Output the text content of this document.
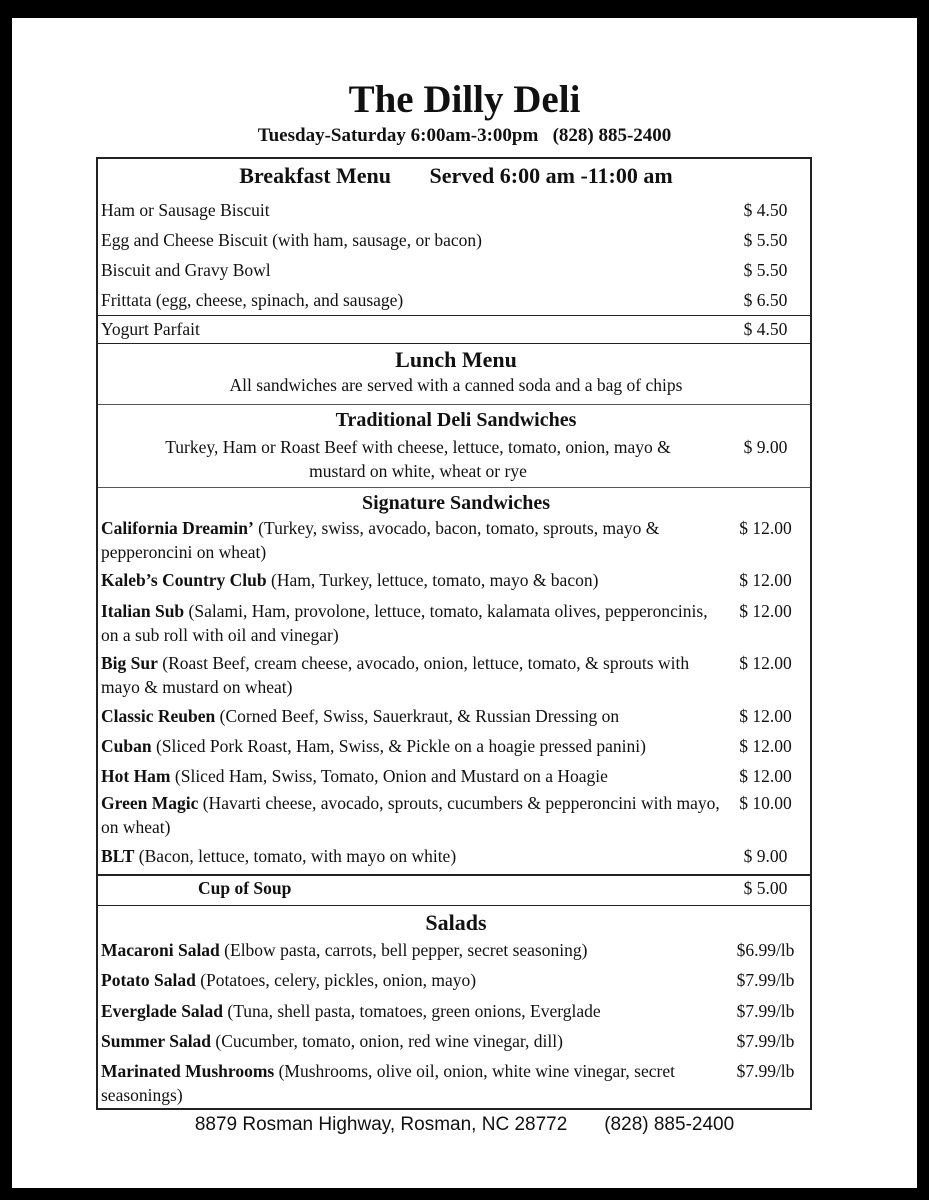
The Dilly Deli
Tuesday-Saturday 6:00am-3:00pm (828) 885-2400
Breakfast Menu Served 6:00 am -11:00 am
Ham or Sausage Biscuit	$ 4.50
Egg and Cheese Biscuit (with ham, sausage, or bacon)	$ 5.50
Biscuit and Gravy Bowl	$ 5.50
Frittata (egg, cheese, spinach, and sausage)	$ 6.50
Yogurt Parfait	$ 4.50
Lunch Menu
All sandwiches are served with a canned soda and a bag of chips
Traditional Deli Sandwiches
Turkey, Ham or Roast Beef with cheese, lettuce, tomato, onion, mayo &
mustard on white, wheat or rye
$ 9.00
Signature Sandwiches
California Dreamin’ (Turkey, swiss, avocado, bacon, tomato, sprouts, mayo & pepperoncini on wheat)
$ 12.00
Kaleb’s Country Club (Ham, Turkey, lettuce, tomato, mayo & bacon)	$ 12.00
Italian Sub (Salami, Ham, provolone, lettuce, tomato, kalamata olives, pepperoncinis, on a sub roll with oil and vinegar)
$ 12.00
Big Sur (Roast Beef, cream cheese, avocado, onion, lettuce, tomato, & sprouts with mayo & mustard on wheat)
$ 12.00
Classic Reuben (Corned Beef, Swiss, Sauerkraut, & Russian Dressing on	$ 12.00
Cuban (Sliced Pork Roast, Ham, Swiss, & Pickle on a hoagie pressed panini)	$ 12.00
Hot Ham (Sliced Ham, Swiss, Tomato, Onion and Mustard on a Hoagie	$ 12.00
Green Magic (Havarti cheese, avocado, sprouts, cucumbers & pepperoncini with mayo, on wheat)
$ 10.00
BLT (Bacon, lettuce, tomato, with mayo on white)	$ 9.00
Cup of Soup	$ 5.00
Salads
Macaroni Salad (Elbow pasta, carrots, bell pepper, secret seasoning)	$6.99/lb
Potato Salad (Potatoes, celery, pickles, onion, mayo)	$7.99/lb
Everglade Salad (Tuna, shell pasta, tomatoes, green onions, Everglade	$7.99/lb
Summer Salad (Cucumber, tomato, onion, red wine vinegar, dill)	$7.99/lb
Marinated Mushrooms (Mushrooms, olive oil, onion, white wine vinegar, secret seasonings)
$7.99/lb
8879 Rosman Highway, Rosman, NC 28772 (828) 885-2400
